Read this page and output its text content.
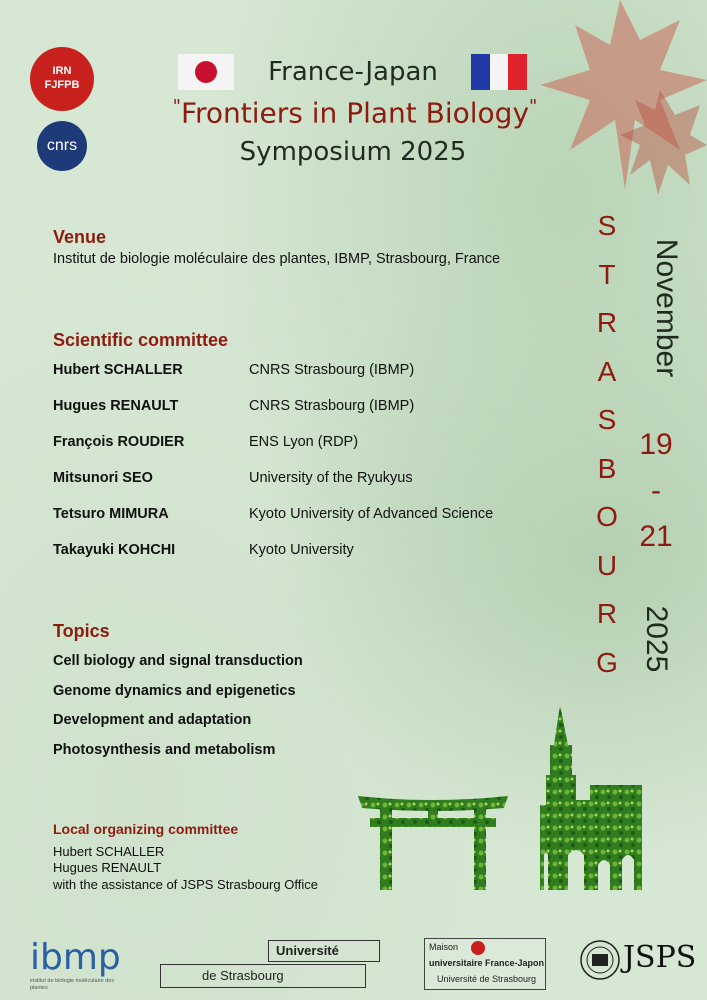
IRN
FJFPB
cnrs
France-Japan
"Frontiers in Plant Biology"
Symposium 2025
Venue
Institut de biologie moléculaire des plantes, IBMP, Strasbourg, France
Scientific committee
Hubert SCHALLER	CNRS Strasbourg (IBMP)
Hugues RENAULT	CNRS Strasbourg (IBMP)
François ROUDIER	ENS Lyon (RDP)
Mitsunori SEO	University of the Ryukyus
Tetsuro MIMURA	Kyoto University of Advanced Science
Takayuki KOHCHI	Kyoto University
Topics
Cell biology and signal transduction
Genome dynamics and epigenetics
Development and adaptation
Photosynthesis and metabolism
Local organizing committee
Hubert SCHALLER
Hugues RENAULT
with the assistance of JSPS Strasbourg Office
S
T
R
A
S
B
O
U
R
G
November
19
-
21
2025
ibmp
institut de biologie moléculaire des plantes
Université
de Strasbourg
Maison
universitaire France-Japon
Université de Strasbourg
JSPS
